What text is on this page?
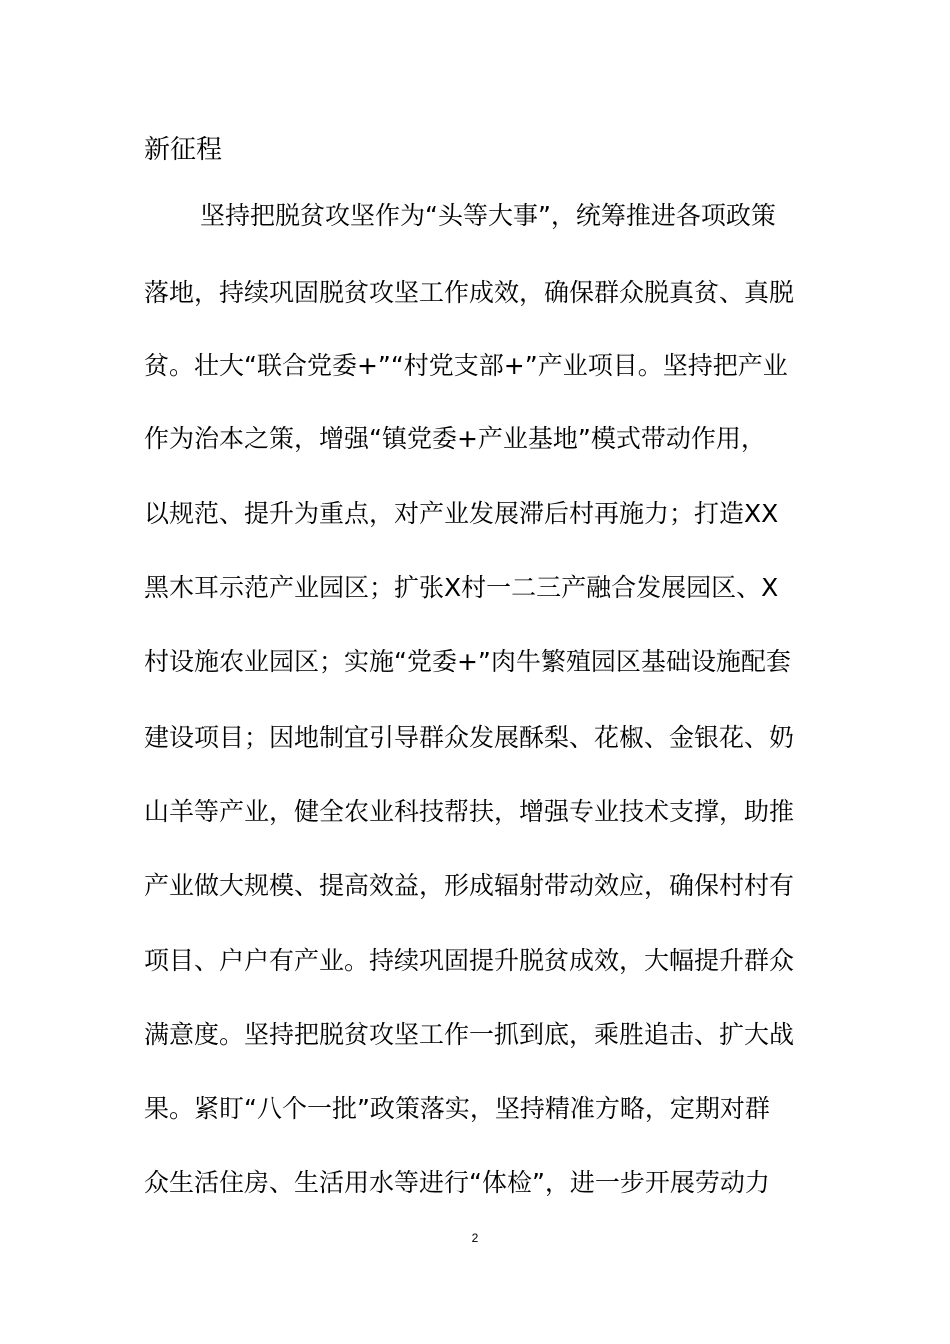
新征程
坚持把脱贫攻坚作为“头等大事”，统筹推进各项政策
落地，持续巩固脱贫攻坚工作成效，确保群众脱真贫、真脱
贫。壮大“联合党委+”“村党支部+”产业项目。坚持把产业
作为治本之策，增强“镇党委+产业基地”模式带动作用，
以规范、提升为重点，对产业发展滞后村再施力；打造XX
黑木耳示范产业园区；扩张X村一二三产融合发展园区、X
村设施农业园区；实施“党委+”肉牛繁殖园区基础设施配套
建设项目；因地制宜引导群众发展酥梨、花椒、金银花、奶
山羊等产业，健全农业科技帮扶，增强专业技术支撑，助推
产业做大规模、提高效益，形成辐射带动效应，确保村村有
项目、户户有产业。持续巩固提升脱贫成效，大幅提升群众
满意度。坚持把脱贫攻坚工作一抓到底，乘胜追击、扩大战
果。紧盯“八个一批”政策落实，坚持精准方略，定期对群
众生活住房、生活用水等进行“体检”，进一步开展劳动力
2
